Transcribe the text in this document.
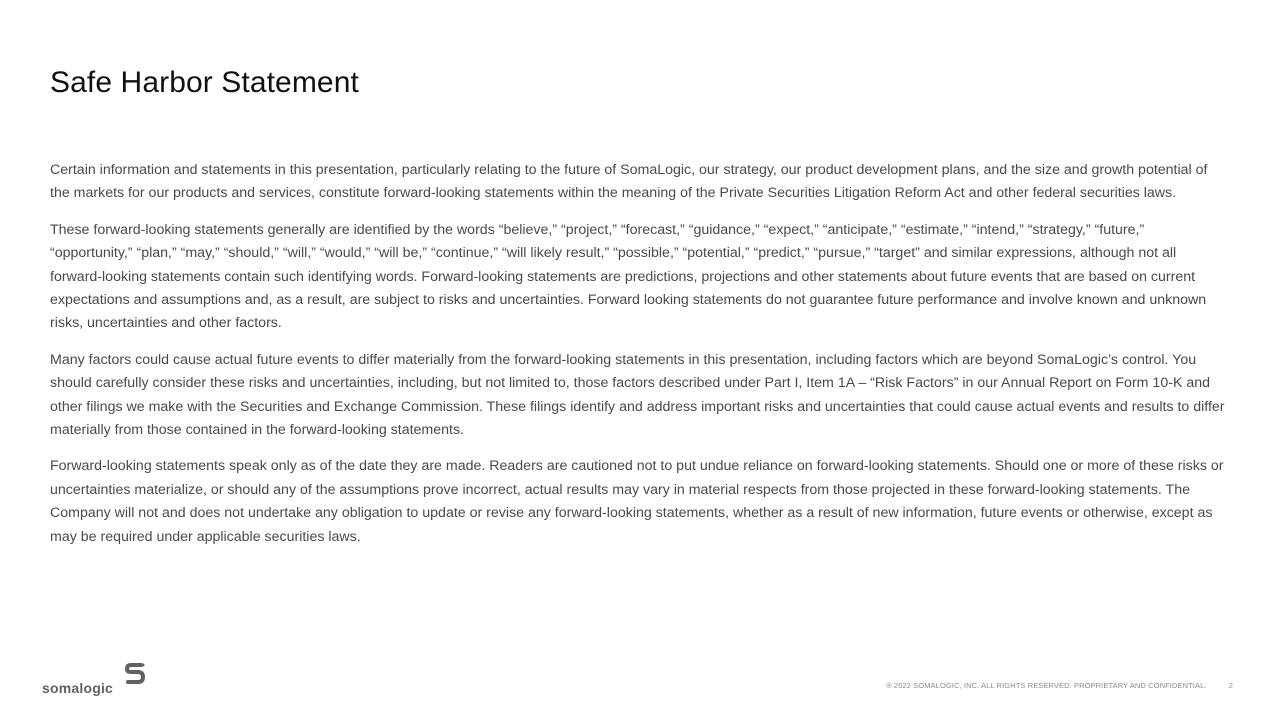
Safe Harbor Statement

Certain information and statements in this presentation, particularly relating to the future of SomaLogic, our strategy, our product development plans, and the size and growth potential of the markets for our products and services, constitute forward-looking statements within the meaning of the Private Securities Litigation Reform Act and other federal securities laws.

These forward-looking statements generally are identified by the words “believe,” “project,” “forecast,” “guidance,” “expect,” “anticipate,” “estimate,” “intend,” “strategy,” “future,” “opportunity,” “plan,” “may,” “should,” “will,” “would,” “will be,” “continue,” “will likely result,” “possible,” “potential,” “predict,” “pursue,” “target” and similar expressions, although not all forward-looking statements contain such identifying words. Forward-looking statements are predictions, projections and other statements about future events that are based on current expectations and assumptions and, as a result, are subject to risks and uncertainties. Forward looking statements do not guarantee future performance and involve known and unknown risks, uncertainties and other factors.

Many factors could cause actual future events to differ materially from the forward-looking statements in this presentation, including factors which are beyond SomaLogic’s control. You should carefully consider these risks and uncertainties, including, but not limited to, those factors described under Part I, Item 1A – “Risk Factors” in our Annual Report on Form 10-K and other filings we make with the Securities and Exchange Commission. These filings identify and address important risks and uncertainties that could cause actual events and results to differ materially from those contained in the forward-looking statements.

Forward-looking statements speak only as of the date they are made. Readers are cautioned not to put undue reliance on forward-looking statements. Should one or more of these risks or uncertainties materialize, or should any of the assumptions prove incorrect, actual results may vary in material respects from those projected in these forward-looking statements. The Company will not and does not undertake any obligation to update or revise any forward-looking statements, whether as a result of new information, future events or otherwise, except as may be required under applicable securities laws.

somalogic	® 2022 SOMALOGIC, INC. ALL RIGHTS RESERVED. PROPRIETARY AND CONFIDENTIAL.	2
